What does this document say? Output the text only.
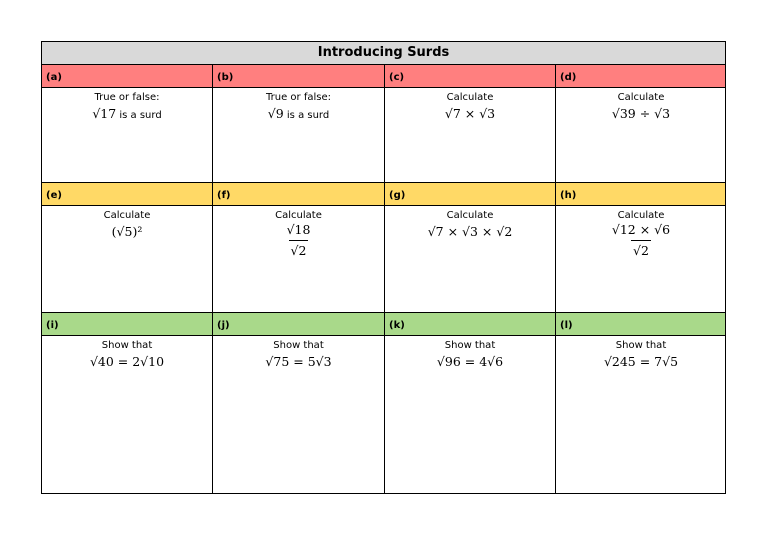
Introducing Surds
(a)	(b)	(c)	(d)
True or false:
√17 is a surd
True or false:
√9 is a surd
Calculate
√7 × √3
Calculate
√39 ÷ √3
(e)	(f)	(g)	(h)
Calculate
(√5)²
Calculate
$\frac{√18}{√2}$
Calculate
√7 × √3 × √2
Calculate
$\frac{√12 \times √6}{√2}$
(i)	(j)	(k)	(l)
Show that
√40 = 2√10
Show that
√75 = 5√3
Show that
√96 = 4√6
Show that
√245 = 7√5
